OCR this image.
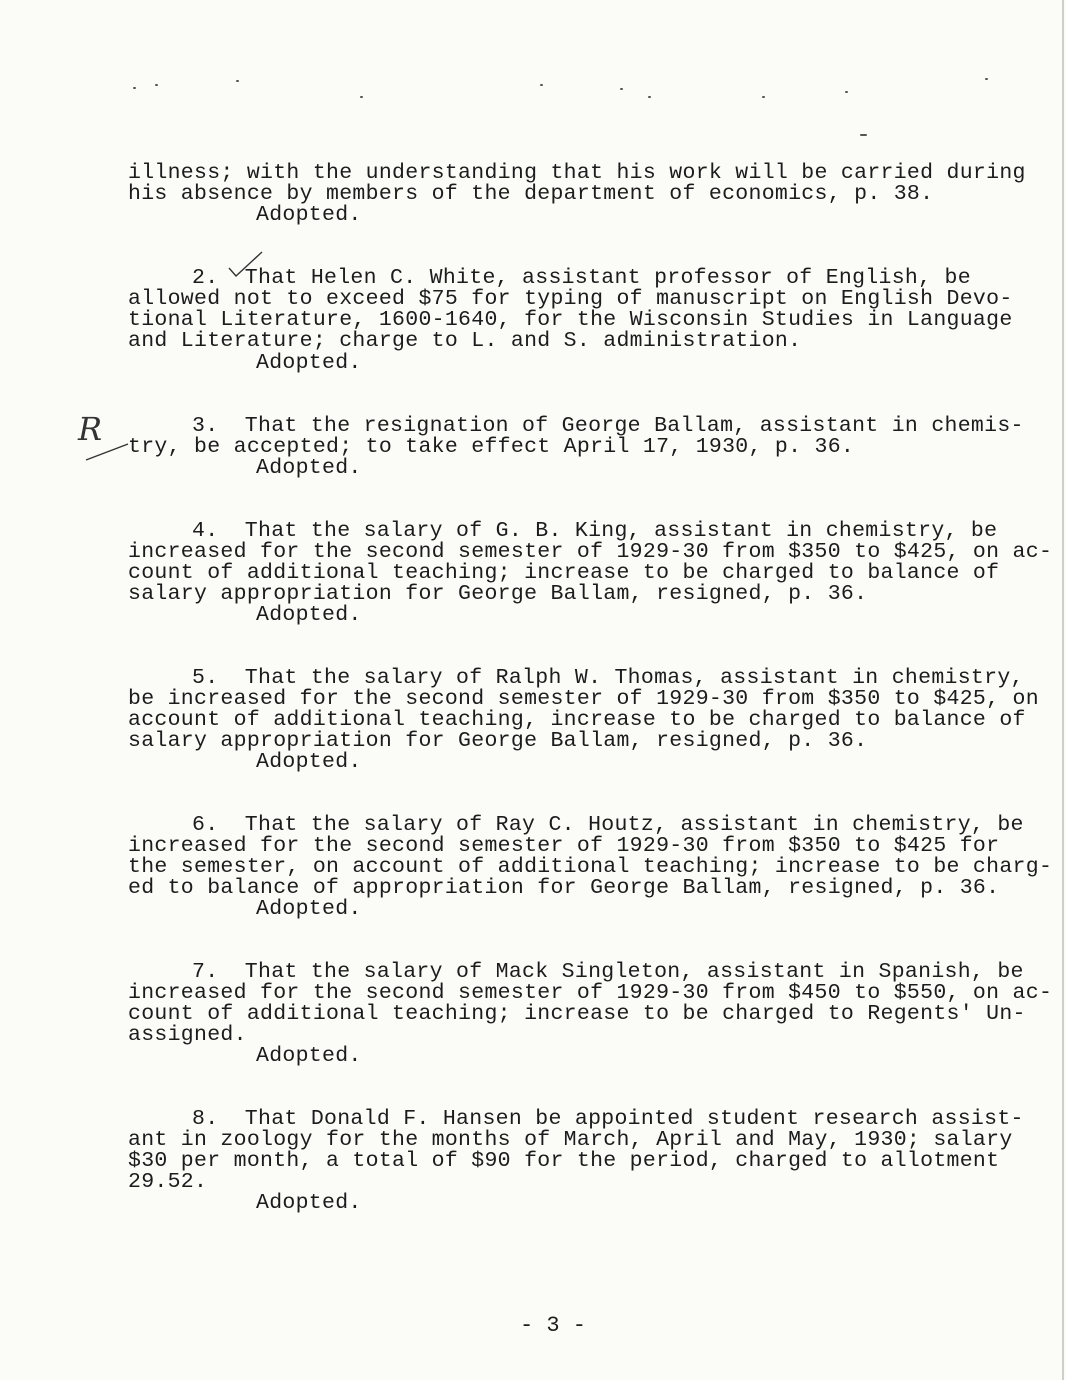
illness; with the understanding that his work will be carried during
his absence by members of the department of economics, p. 38.
Adopted.
2.  That Helen C. White, assistant professor of English, be
allowed not to exceed $75 for typing of manuscript on English Devo-
tional Literature, 1600-1640, for the Wisconsin Studies in Language
and Literature; charge to L. and S. administration.
Adopted.
R	3.  That the resignation of George Ballam, assistant in chemis-
try, be accepted; to take effect April 17, 1930, p. 36.
Adopted.
4.  That the salary of G. B. King, assistant in chemistry, be
increased for the second semester of 1929-30 from $350 to $425, on ac-
count of additional teaching; increase to be charged to balance of
salary appropriation for George Ballam, resigned, p. 36.
Adopted.
5.  That the salary of Ralph W. Thomas, assistant in chemistry,
be increased for the second semester of 1929-30 from $350 to $425, on
account of additional teaching, increase to be charged to balance of
salary appropriation for George Ballam, resigned, p. 36.
Adopted.
6.  That the salary of Ray C. Houtz, assistant in chemistry, be
increased for the second semester of 1929-30 from $350 to $425 for
the semester, on account of additional teaching; increase to be charg-
ed to balance of appropriation for George Ballam, resigned, p. 36.
Adopted.
7.  That the salary of Mack Singleton, assistant in Spanish, be
increased for the second semester of 1929-30 from $450 to $550, on ac-
count of additional teaching; increase to be charged to Regents' Un-
assigned.
Adopted.
8.  That Donald F. Hansen be appointed student research assist-
ant in zoology for the months of March, April and May, 1930; salary
$30 per month, a total of $90 for the period, charged to allotment
29.52.
Adopted.
- 3 -
